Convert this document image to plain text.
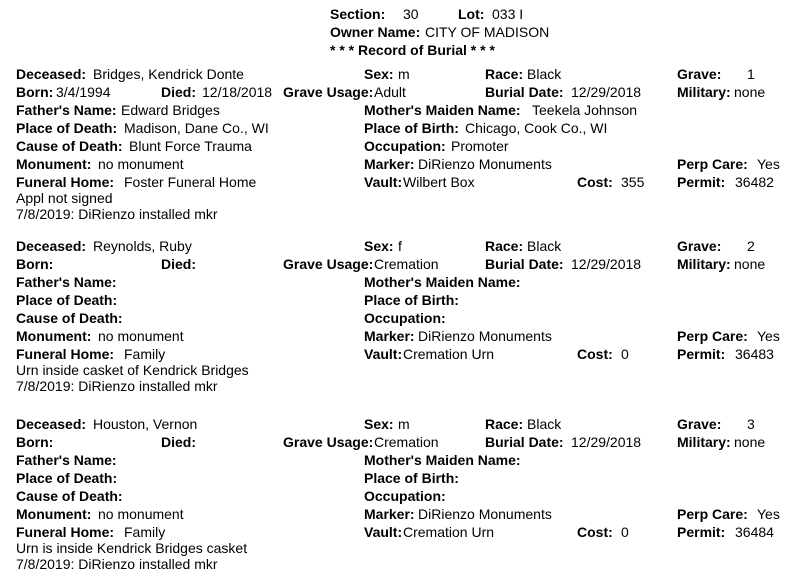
Section: 30	Lot: 033 I
Owner Name: CITY OF MADISON
* * * Record of Burial * * *
Deceased: Bridges, Kendrick Donte	Sex: m	Race: Black	Grave: 1
Born: 3/4/1994	Died: 12/18/2018 Grave Usage: Adult	Burial Date: 12/29/2018	Military: none
Father's Name: Edward Bridges	Mother's Maiden Name: Teekela Johnson
Place of Death: Madison, Dane Co., WI	Place of Birth: Chicago, Cook Co., WI
Cause of Death: Blunt Force Trauma	Occupation: Promoter
Monument: no monument	Marker: DiRienzo Monuments	Perp Care: Yes
Funeral Home: Foster Funeral Home	Vault: Wilbert Box	Cost: 355 Permit: 36482
Appl not signed
7/8/2019: DiRienzo installed mkr
Deceased: Reynolds, Ruby	Sex: f	Race: Black	Grave: 2
Born:	Died:	Grave Usage: Cremation	Burial Date: 12/29/2018	Military: none
Father's Name:	Mother's Maiden Name:
Place of Death:	Place of Birth:
Cause of Death:	Occupation:
Monument: no monument	Marker: DiRienzo Monuments	Perp Care: Yes
Funeral Home: Family	Vault: Cremation Urn	Cost: 0	Permit: 36483
Urn inside casket of Kendrick Bridges
7/8/2019: DiRienzo installed mkr
Deceased: Houston, Vernon	Sex: m	Race: Black	Grave: 3
Born:	Died:	Grave Usage: Cremation	Burial Date: 12/29/2018	Military: none
Father's Name:	Mother's Maiden Name:
Place of Death:	Place of Birth:
Cause of Death:	Occupation:
Monument: no monument	Marker: DiRienzo Monuments	Perp Care: Yes
Funeral Home: Family	Vault: Cremation Urn	Cost: 0	Permit: 36484
Urn is inside Kendrick Bridges casket
7/8/2019: DiRienzo installed mkr
